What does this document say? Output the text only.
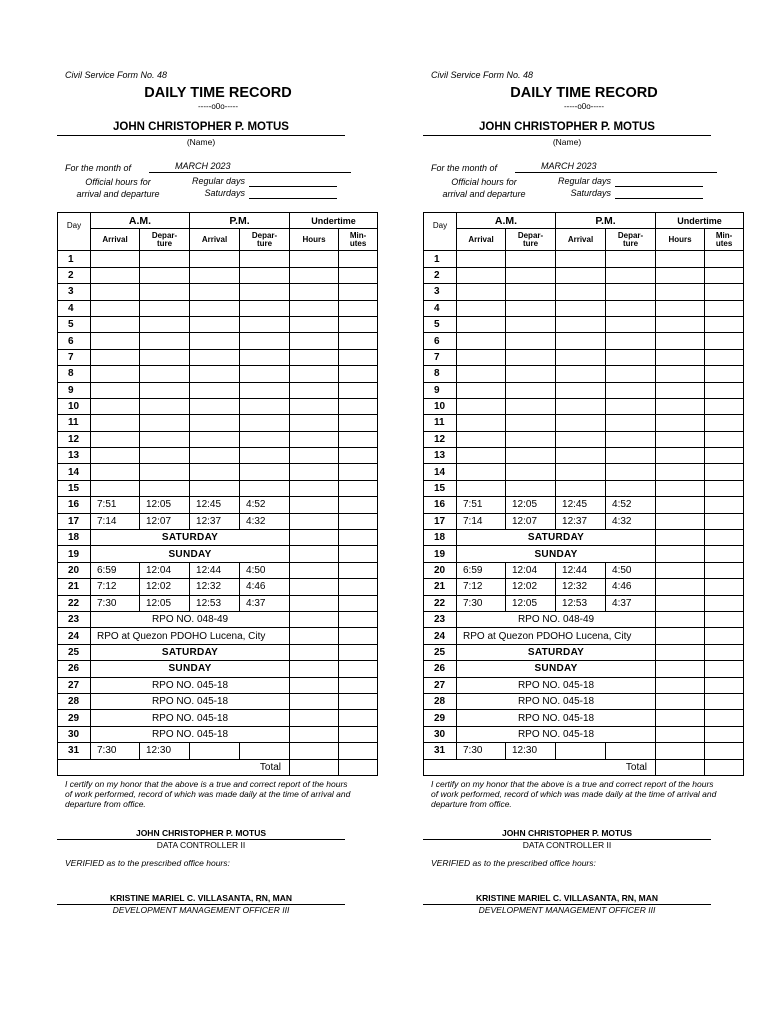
Civil Service Form No. 48
DAILY TIME RECORD
-----o0o-----
JOHN CHRISTOPHER P. MOTUS
(Name)
For the month of	MARCH 2023
Official hours for
arrival and departure
Regular days
Saturdays
Day	A.M.		P.M.		Undertime	
	Arrival	Depar-
ture	Arrival	Depar-
ture	Hours	Min-
utes
1						
2						
3						
4						
5						
6						
7						
8						
9						
10						
11						
12						
13						
14						
15						
16	7:51	12:05	12:45	4:52		
17	7:14	12:07	12:37	4:32		
18	SATURDAY					
19	SUNDAY					
20	6:59	12:04	12:44	4:50		
21	7:12	12:02	12:32	4:46		
22	7:30	12:05	12:53	4:37		
23	RPO NO. 048-49					
24	RPO at Quezon PDOHO Lucena, City					
25	SATURDAY					
26	SUNDAY					
27	RPO NO. 045-18					
28	RPO NO. 045-18					
29	RPO NO. 045-18					
30	RPO NO. 045-18					
31	7:30	12:30				
Total						
I certify on my honor that the above is a true and correct report of the hours of work performed, record of which was made daily at the time of arrival and departure from office.
JOHN CHRISTOPHER P. MOTUS
DATA CONTROLLER II
VERIFIED as to the prescribed office hours:
KRISTINE MARIEL C. VILLASANTA, RN, MAN
DEVELOPMENT MANAGEMENT OFFICER III
Civil Service Form No. 48
DAILY TIME RECORD
-----o0o-----
JOHN CHRISTOPHER P. MOTUS
(Name)
For the month of	MARCH 2023
Official hours for
arrival and departure
Regular days
Saturdays
Day	A.M.		P.M.		Undertime	
	Arrival	Depar-
ture	Arrival	Depar-
ture	Hours	Min-
utes
1						
2						
3						
4						
5						
6						
7						
8						
9						
10						
11						
12						
13						
14						
15						
16	7:51	12:05	12:45	4:52		
17	7:14	12:07	12:37	4:32		
18	SATURDAY					
19	SUNDAY					
20	6:59	12:04	12:44	4:50		
21	7:12	12:02	12:32	4:46		
22	7:30	12:05	12:53	4:37		
23	RPO NO. 048-49					
24	RPO at Quezon PDOHO Lucena, City					
25	SATURDAY					
26	SUNDAY					
27	RPO NO. 045-18					
28	RPO NO. 045-18					
29	RPO NO. 045-18					
30	RPO NO. 045-18					
31	7:30	12:30				
Total						
I certify on my honor that the above is a true and correct report of the hours of work performed, record of which was made daily at the time of arrival and departure from office.
JOHN CHRISTOPHER P. MOTUS
DATA CONTROLLER II
VERIFIED as to the prescribed office hours:
KRISTINE MARIEL C. VILLASANTA, RN, MAN
DEVELOPMENT MANAGEMENT OFFICER III
